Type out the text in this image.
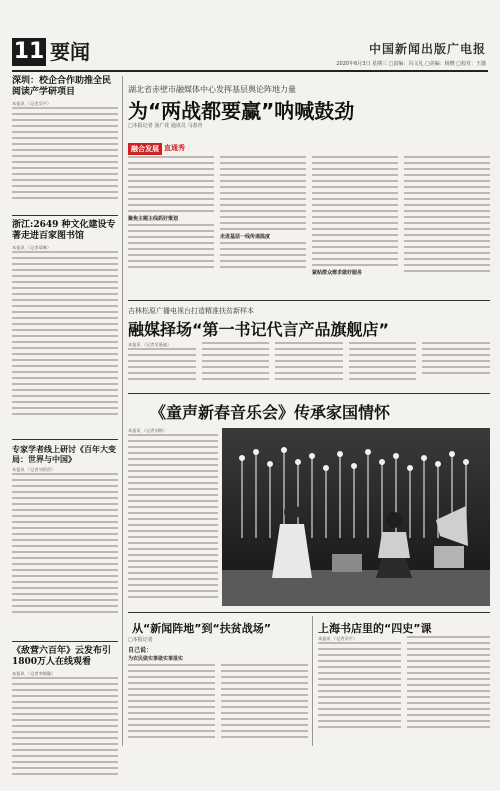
11 要闻	中国新闻出版广电报
2020年6月3日 星期三 □责编：冯文礼 □美编：杨晓 □校对：王薇
深圳：校企合作助推全民阅读产学研项目
本报讯 （记者吴平）
浙江:2649 种文化建设专著走进百家图书馆
本报讯 （记者章琳）
专家学者线上研讨《百年大变局：世界与中国》
本报讯 （记者刘蓓蓓）
《敌营六百年》云发布引1800万人在线观看
本报讯 （记者李婧璇）
湖北省赤壁市融媒体中心发挥基层舆论阵地力量
为“两战都要赢”呐喊鼓劲
□本报记者 汤广花 通讯员 马春青
融合发展 直通秀
聚焦主题主线抓好策划
走进基层一线传递温度
紧贴群众需求做好服务
吉林松原广播电视台打造精准扶贫新样本
融媒择场“第一书记代言产品旗舰店”
本报讯 （记者吴曼迪）
《童声新春音乐会》传承家国情怀
本报讯 （记者刘峥）
从“新闻阵地”到“扶贫战场”
□本报记者
自己说：
为农民做实事做实事落实
上海书店里的“四史”课
本报讯 （记者吴平）
